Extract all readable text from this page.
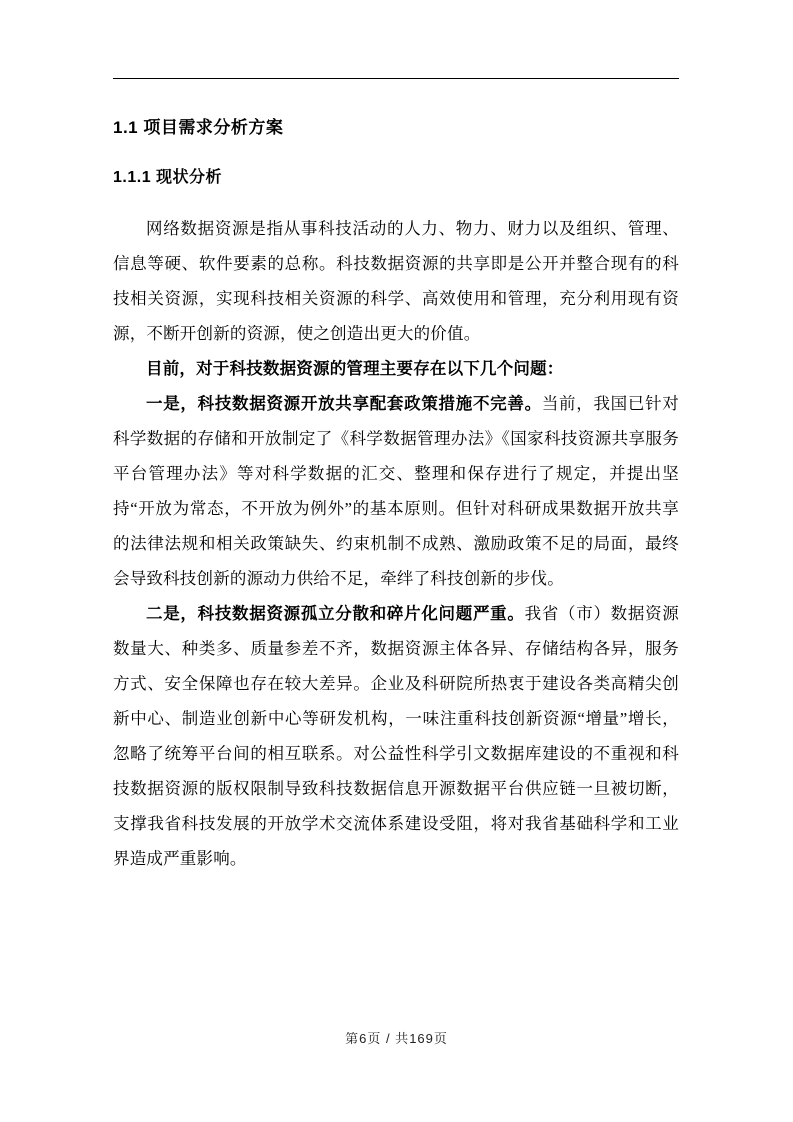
1.1 项目需求分析方案
1.1.1 现状分析

网络数据资源是指从事科技活动的人力、物力、财力以及组织、管理、信息等硬、软件要素的总称。科技数据资源的共享即是公开并整合现有的科技相关资源，实现科技相关资源的科学、高效使用和管理，充分利用现有资源，不断开创新的资源，使之创造出更大的价值。

目前，对于科技数据资源的管理主要存在以下几个问题：

一是，科技数据资源开放共享配套政策措施不完善。当前，我国已针对科学数据的存储和开放制定了《科学数据管理办法》《国家科技资源共享服务平台管理办法》等对科学数据的汇交、整理和保存进行了规定，并提出坚持“开放为常态，不开放为例外”的基本原则。但针对科研成果数据开放共享的法律法规和相关政策缺失、约束机制不成熟、激励政策不足的局面，最终会导致科技创新的源动力供给不足，牵绊了科技创新的步伐。

二是，科技数据资源孤立分散和碎片化问题严重。我省（市）数据资源数量大、种类多、质量参差不齐，数据资源主体各异、存储结构各异，服务方式、安全保障也存在较大差异。企业及科研院所热衷于建设各类高精尖创新中心、制造业创新中心等研发机构，一味注重科技创新资源“增量”增长，忽略了统筹平台间的相互联系。对公益性科学引文数据库建设的不重视和科技数据资源的版权限制导致科技数据信息开源数据平台供应链一旦被切断，支撑我省科技发展的开放学术交流体系建设受阻，将对我省基础科学和工业界造成严重影响。

第6页 / 共169页
